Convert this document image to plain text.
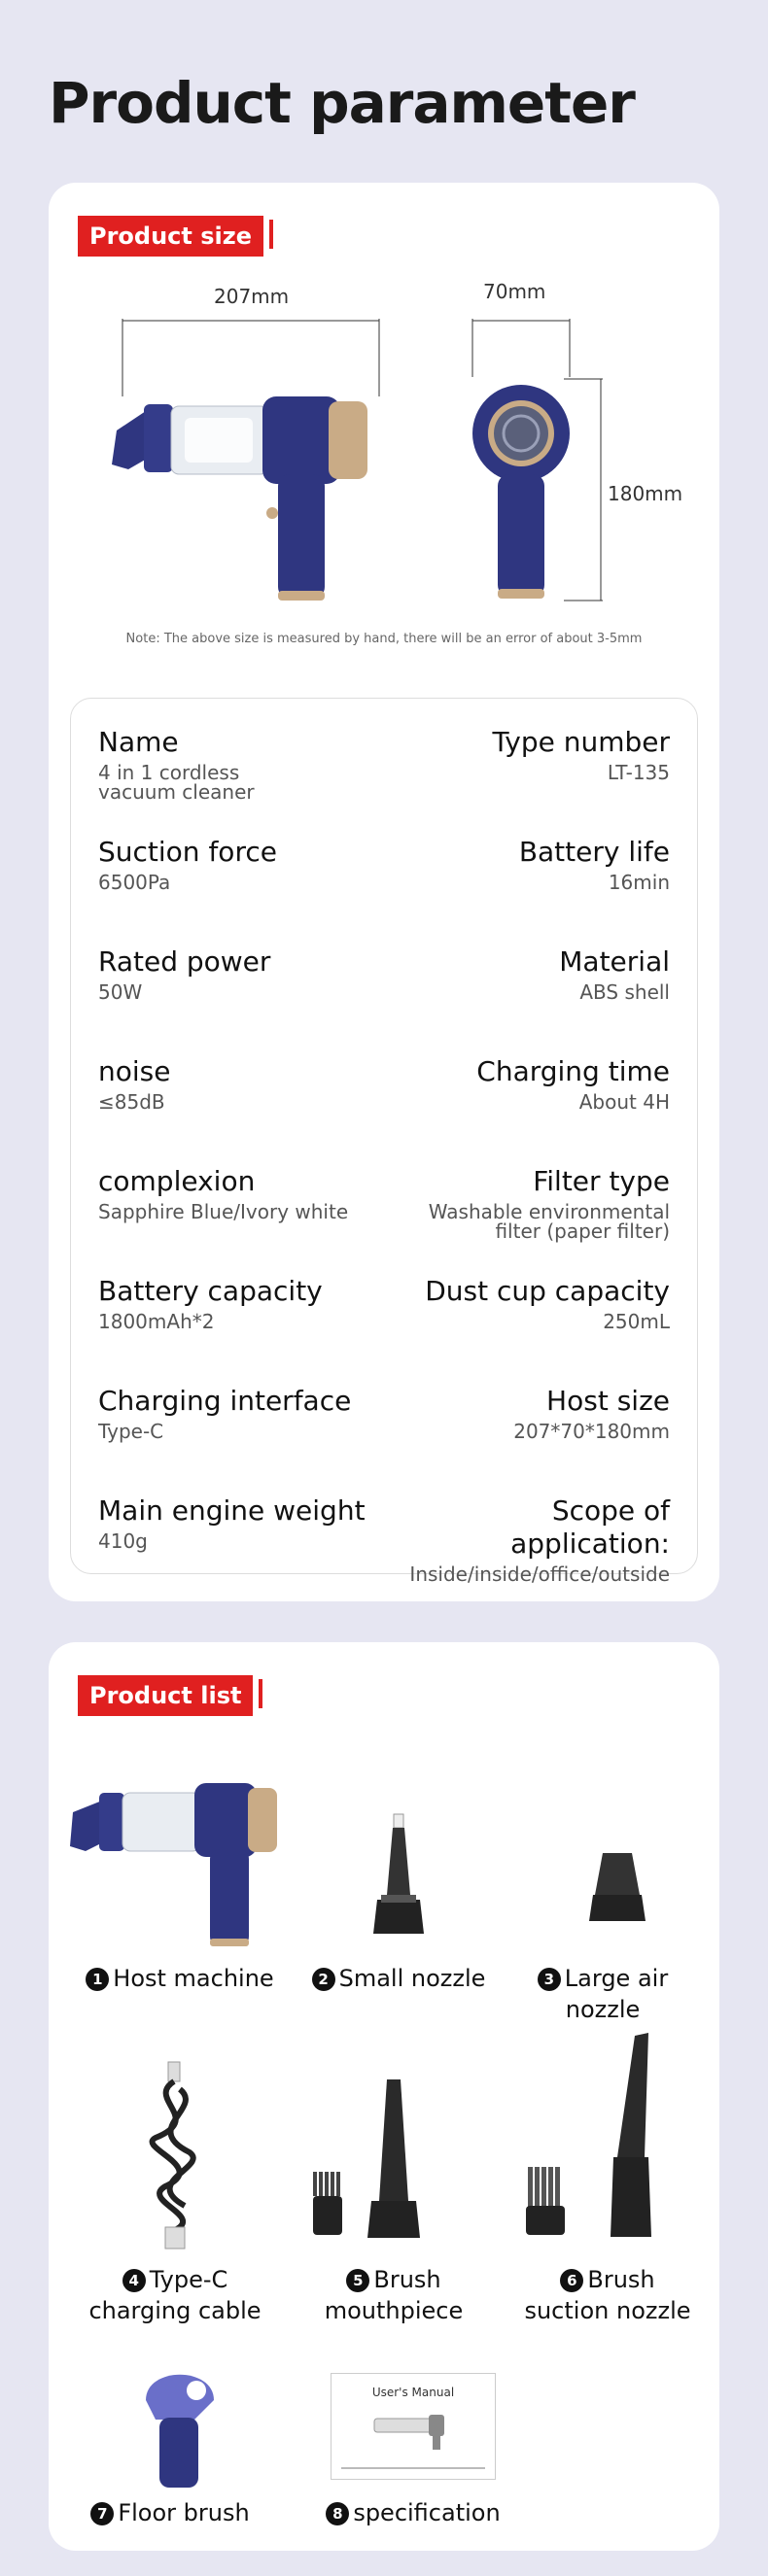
Product parameter
Product size
207mm	70mm
180mm
Note: The above size is measured by hand, there will be an error of about 3-5mm
Name
4 in 1 cordless
vacuum cleaner
Type number
LT-135
Suction force
6500Pa
Battery life
16min
Rated power
50W
Material
ABS shell
noise
≤85dB
Charging time
About 4H
complexion
Sapphire Blue/Ivory white
Filter type
Washable environmental
filter (paper filter)
Battery capacity
1800mAh*2
Dust cup capacity
250mL
Charging interface
Type-C
Host size
207*70*180mm
Main engine weight
410g
Scope of application:
Inside/inside/office/outside
Product list
1 Host machine	2 Small nozzle	3 Large air nozzle
4 Type-C
charging cable
5 Brush
mouthpiece
6 Brush
suction nozzle
7 Floor brush
User's Manual
8 specification
